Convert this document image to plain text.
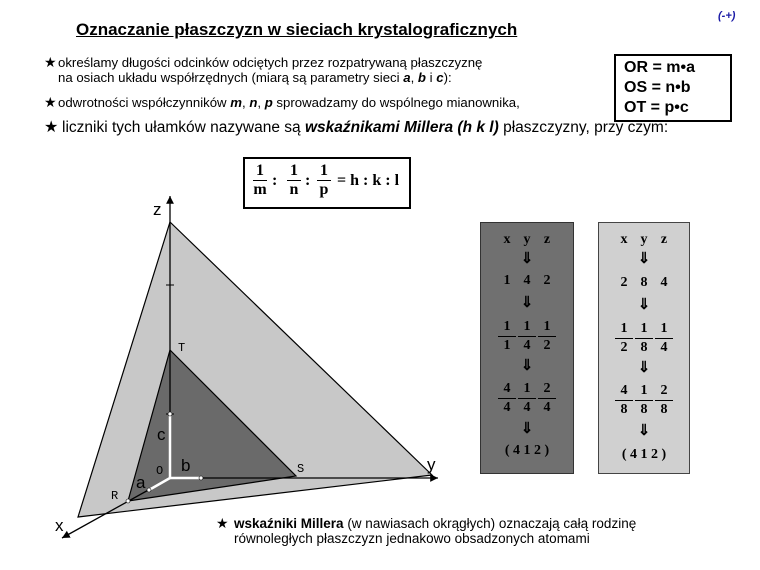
Oznaczanie płaszczyzn w sieciach krystalograficznych
(-+)
★określamy długości odcinków odciętych przez rozpatrywaną płaszczyznę
na osiach układu współrzędnych (miarą są parametry sieci a, b i c):
OR = m•a
OS = n•b
OT = p•c
★odwrotności współczynników m, n, p sprowadzamy do wspólnego mianownika,
★ liczniki tych ułamków nazywane są wskaźnikami Millera (h k l) płaszczyzny, przy czym:
$\frac{1}{m}$ : $\frac{1}{n}$ : $\frac{1}{p} = h$ : k : l
z
y
x
T
S
R
O
c
b
a
x y z
⇓
1 4 2
⇓
1
1
1
4
1
2
⇓
4
4
1
4
2
4
⇓
( 4 1 2 )
x y z
⇓
2 8 4
⇓
1
2
1
8
1
4
⇓
4
8
1
8
2
8
⇓
( 4 1 2 )
★ wskaźniki Millera (w nawiasach okrągłych) oznaczają całą rodzinę
równoległych płaszczyzn jednakowo obsadzonych atomami
